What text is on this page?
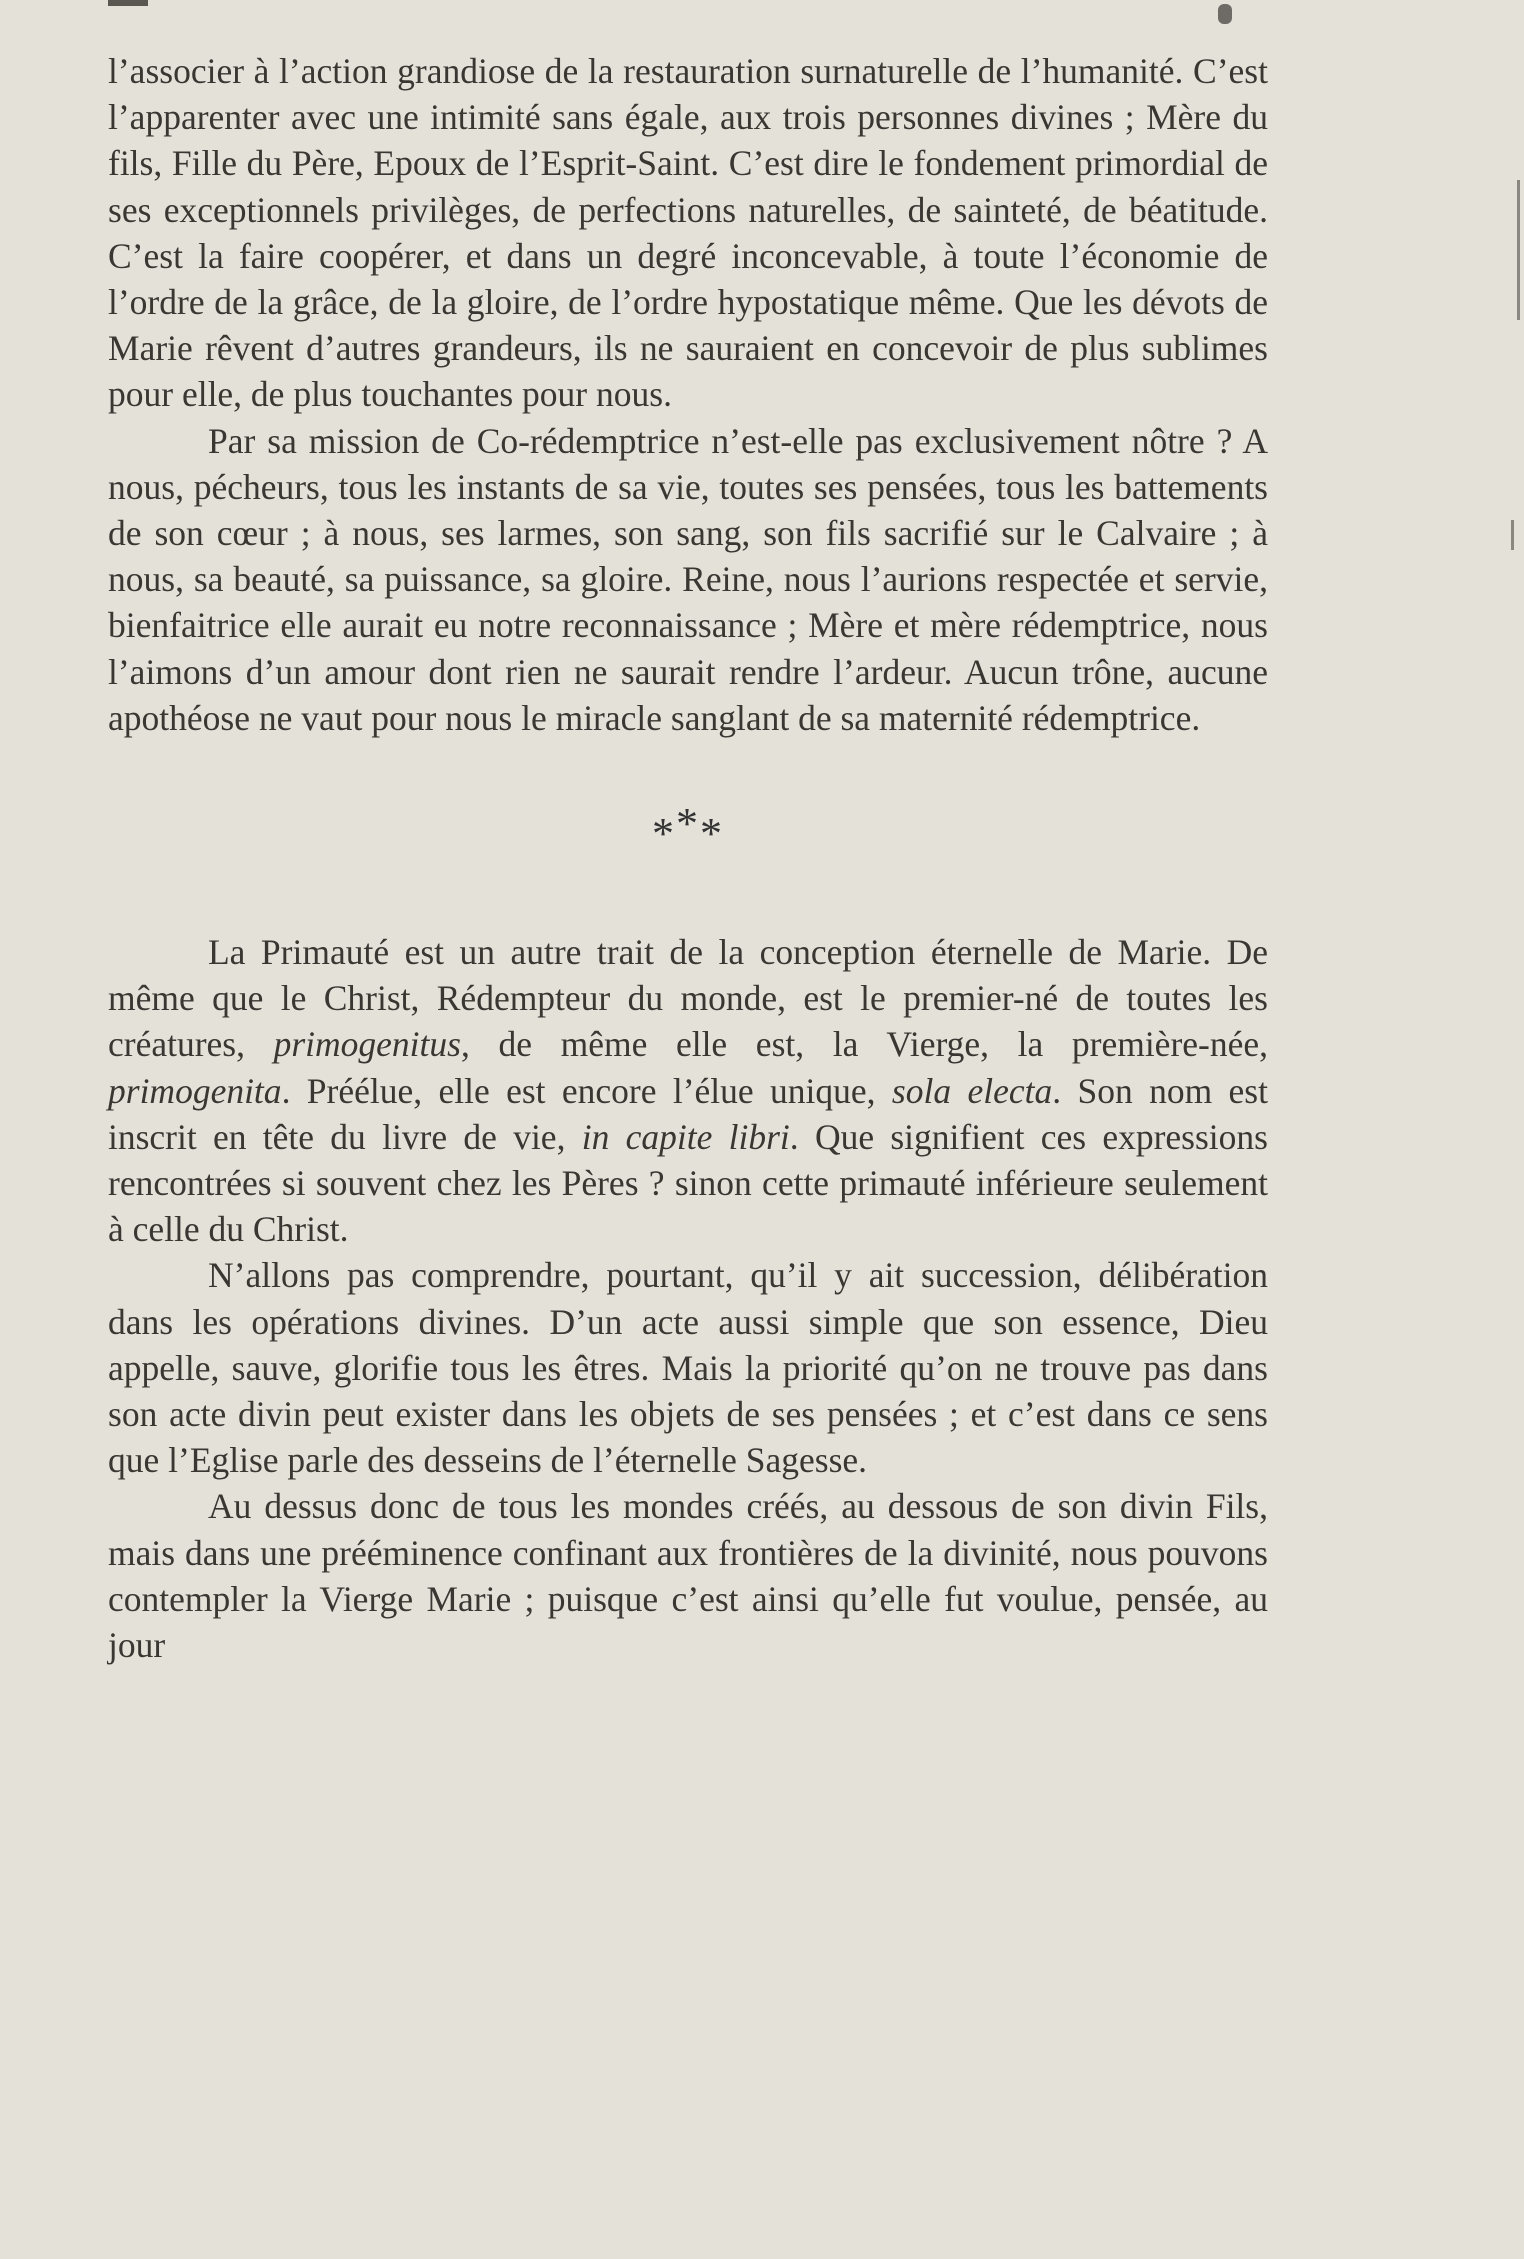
l’associer à l’action grandiose de la restauration surnaturelle de l’humanité. C’est l’apparenter avec une intimité sans égale, aux trois personnes divines ; Mère du fils, Fille du Père, Epoux de l’Esprit-Saint. C’est dire le fondement primordial de ses exceptionnels privilèges, de perfections naturelles, de sainteté, de béatitude. C’est la faire coopérer, et dans un degré inconcevable, à toute l’économie de l’ordre de la grâce, de la gloire, de l’ordre hypostatique même. Que les dévots de Marie rêvent d’autres grandeurs, ils ne sauraient en concevoir de plus sublimes pour elle, de plus touchantes pour nous.

Par sa mission de Co-rédemptrice n’est-elle pas exclusivement nôtre ? A nous, pécheurs, tous les instants de sa vie, toutes ses pensées, tous les battements de son cœur ; à nous, ses larmes, son sang, son fils sacrifié sur le Calvaire ; à nous, sa beauté, sa puissance, sa gloire. Reine, nous l’aurions respectée et servie, bienfaitrice elle aurait eu notre reconnaissance ; Mère et mère rédemptrice, nous l’aimons d’un amour dont rien ne saurait rendre l’ardeur. Aucun trône, aucune apothéose ne vaut pour nous le miracle sanglant de sa maternité rédemptrice.

***

La Primauté est un autre trait de la conception éternelle de Marie. De même que le Christ, Rédempteur du monde, est le premier-né de toutes les créatures, primogenitus, de même elle est, la Vierge, la première-née, primogenita. Préélue, elle est encore l’élue unique, sola electa. Son nom est inscrit en tête du livre de vie, in capite libri. Que signifient ces expressions rencontrées si souvent chez les Pères ? sinon cette primauté inférieure seulement à celle du Christ.

N’allons pas comprendre, pourtant, qu’il y ait succession, délibération dans les opérations divines. D’un acte aussi simple que son essence, Dieu appelle, sauve, glorifie tous les êtres. Mais la priorité qu’on ne trouve pas dans son acte divin peut exister dans les objets de ses pensées ; et c’est dans ce sens que l’Eglise parle des desseins de l’éternelle Sagesse.

Au dessus donc de tous les mondes créés, au dessous de son divin Fils, mais dans une prééminence confinant aux frontières de la divinité, nous pouvons contempler la Vierge Marie ; puisque c’est ainsi qu’elle fut voulue, pensée, au jour
